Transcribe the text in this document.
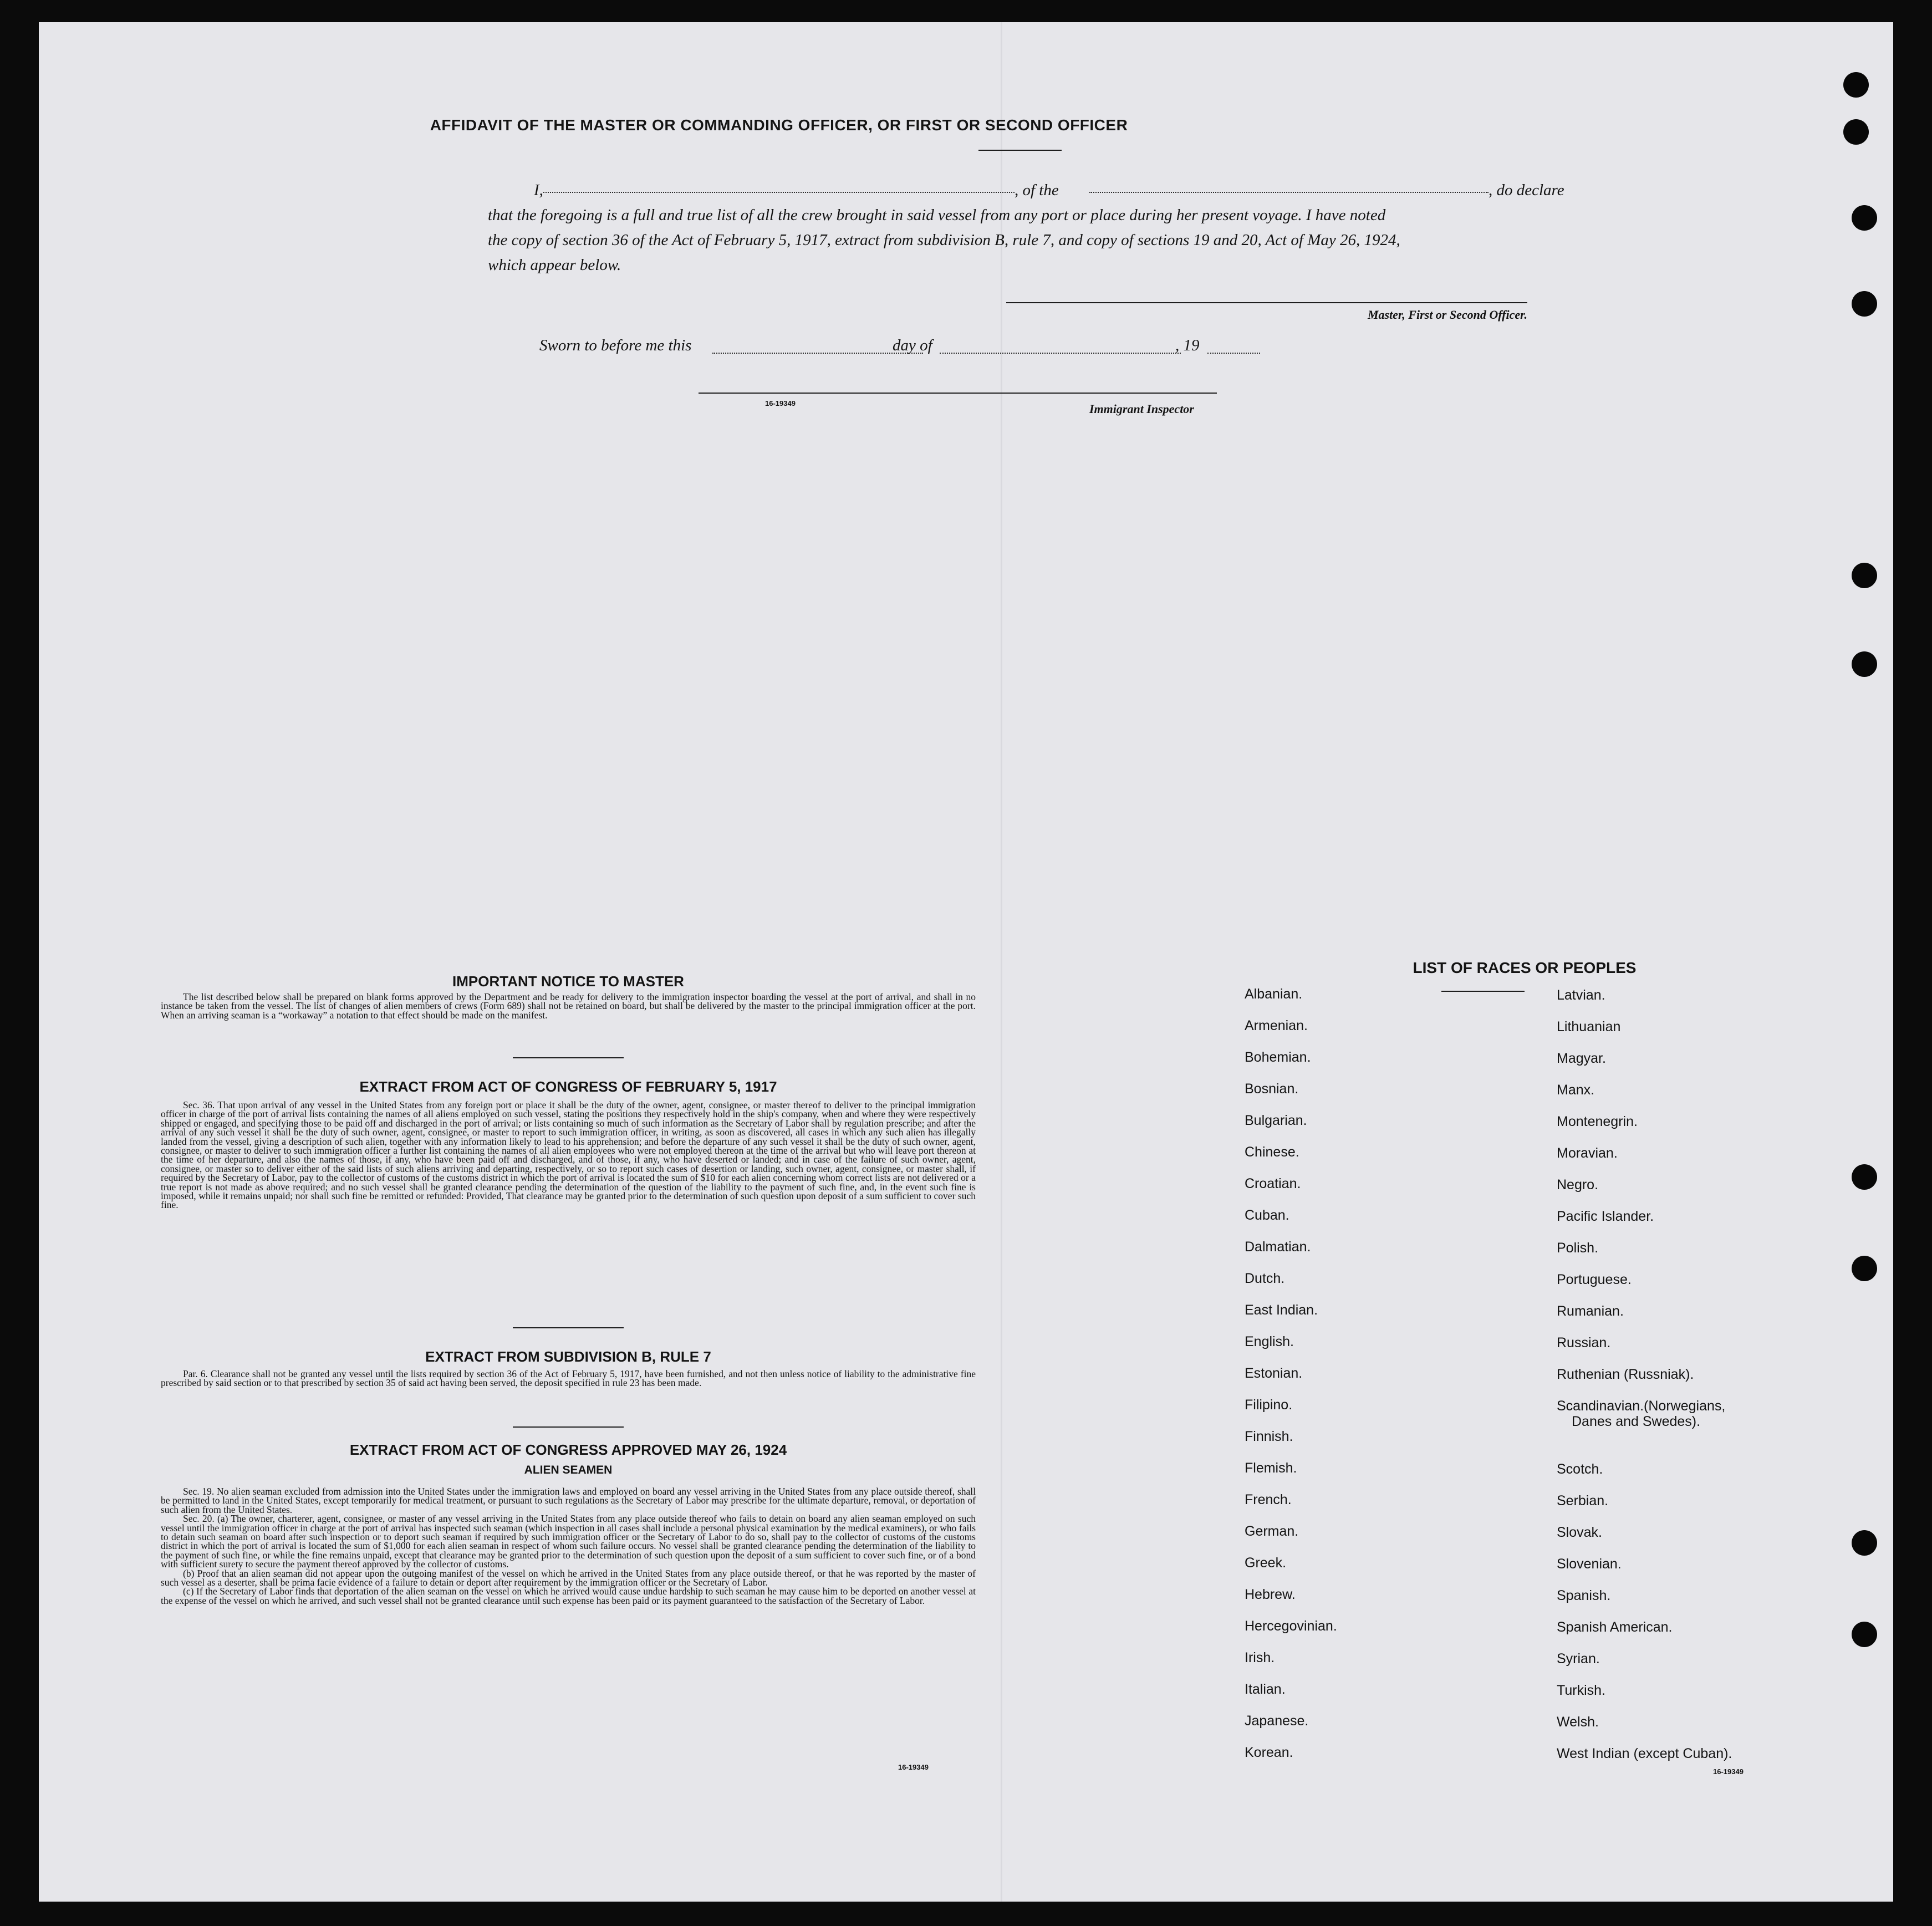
AFFIDAVIT OF THE MASTER OR COMMANDING OFFICER, OR FIRST OR SECOND OFFICER
I,	, of the	, do declare
that the foregoing is a full and true list of all the crew brought in said vessel from any port or place during her present voyage. I have noted
the copy of section 36 of the Act of February 5, 1917, extract from subdivision B, rule 7, and copy of sections 19 and 20, Act of May 26, 1924,
which appear below.
Master, First or Second Officer.
Sworn to before me this	day of	, 19
16-19349	Immigrant Inspector
IMPORTANT NOTICE TO MASTER
The list described below shall be prepared on blank forms approved by the Department and be ready for delivery to the immigration inspector boarding the vessel at the port of arrival, and shall in no instance be taken from the vessel. The list of changes of alien members of crews (Form 689) shall not be retained on board, but shall be delivered by the master to the principal immigration officer at the port. When an arriving seaman is a “workaway” a notation to that effect should be made on the manifest.
EXTRACT FROM ACT OF CONGRESS OF FEBRUARY 5, 1917
Sec. 36. That upon arrival of any vessel in the United States from any foreign port or place it shall be the duty of the owner, agent, consignee, or master thereof to deliver to the principal immigration officer in charge of the port of arrival lists containing the names of all aliens employed on such vessel, stating the positions they respectively hold in the ship's company, when and where they were respectively shipped or engaged, and specifying those to be paid off and discharged in the port of arrival; or lists containing so much of such information as the Secretary of Labor shall by regulation prescribe; and after the arrival of any such vessel it shall be the duty of such owner, agent, consignee, or master to report to such immigration officer, in writing, as soon as discovered, all cases in which any such alien has illegally landed from the vessel, giving a description of such alien, together with any information likely to lead to his apprehension; and before the departure of any such vessel it shall be the duty of such owner, agent, consignee, or master to deliver to such immigration officer a further list containing the names of all alien employees who were not employed thereon at the time of the arrival but who will leave port thereon at the time of her departure, and also the names of those, if any, who have been paid off and discharged, and of those, if any, who have deserted or landed; and in case of the failure of such owner, agent, consignee, or master so to deliver either of the said lists of such aliens arriving and departing, respectively, or so to report such cases of desertion or landing, such owner, agent, consignee, or master shall, if required by the Secretary of Labor, pay to the collector of customs of the customs district in which the port of arrival is located the sum of $10 for each alien concerning whom correct lists are not delivered or a true report is not made as above required; and no such vessel shall be granted clearance pending the determination of the question of the liability to the payment of such fine, and, in the event such fine is imposed, while it remains unpaid; nor shall such fine be remitted or refunded: Provided, That clearance may be granted prior to the determination of such question upon deposit of a sum sufficient to cover such fine.
EXTRACT FROM SUBDIVISION B, RULE 7
Par. 6. Clearance shall not be granted any vessel until the lists required by section 36 of the Act of February 5, 1917, have been furnished, and not then unless notice of liability to the administrative fine prescribed by said section or to that prescribed by section 35 of said act having been served, the deposit specified in rule 23 has been made.
EXTRACT FROM ACT OF CONGRESS APPROVED MAY 26, 1924
ALIEN SEAMEN

Sec. 19. No alien seaman excluded from admission into the United States under the immigration laws and employed on board any vessel arriving in the United States from any place outside thereof, shall be permitted to land in the United States, except temporarily for medical treatment, or pursuant to such regulations as the Secretary of Labor may prescribe for the ultimate departure, removal, or deportation of such alien from the United States.

Sec. 20. (a) The owner, charterer, agent, consignee, or master of any vessel arriving in the United States from any place outside thereof who fails to detain on board any alien seaman employed on such vessel until the immigration officer in charge at the port of arrival has inspected such seaman (which inspection in all cases shall include a personal physical examination by the medical examiners), or who fails to detain such seaman on board after such inspection or to deport such seaman if required by such immigration officer or the Secretary of Labor to do so, shall pay to the collector of customs of the customs district in which the port of arrival is located the sum of $1,000 for each alien seaman in respect of whom such failure occurs. No vessel shall be granted clearance pending the determination of the liability to the payment of such fine, or while the fine remains unpaid, except that clearance may be granted prior to the determination of such question upon the deposit of a sum sufficient to cover such fine, or of a bond with sufficient surety to secure the payment thereof approved by the collector of customs.

(b) Proof that an alien seaman did not appear upon the outgoing manifest of the vessel on which he arrived in the United States from any place outside thereof, or that he was reported by the master of such vessel as a deserter, shall be prima facie evidence of a failure to detain or deport after requirement by the immigration officer or the Secretary of Labor.

(c) If the Secretary of Labor finds that deportation of the alien seaman on the vessel on which he arrived would cause undue hardship to such seaman he may cause him to be deported on another vessel at the expense of the vessel on which he arrived, and such vessel shall not be granted clearance until such expense has been paid or its payment guaranteed to the satisfaction of the Secretary of Labor.

16-19349
LIST OF RACES OR PEOPLES
Albanian.
Armenian.
Bohemian.
Bosnian.
Bulgarian.
Chinese.
Croatian.
Cuban.
Dalmatian.
Dutch.
East Indian.
English.
Estonian.
Filipino.
Finnish.
Flemish.
French.
German.
Greek.
Hebrew.
Hercegovinian.
Irish.
Italian.
Japanese.
Korean.
Latvian.
Lithuanian
Magyar.
Manx.
Montenegrin.
Moravian.
Negro.
Pacific Islander.
Polish.
Portuguese.
Rumanian.
Russian.
Ruthenian (Russniak).
Scandinavian.(Norwegians,
Danes and Swedes).
Scotch.
Serbian.
Slovak.
Slovenian.
Spanish.
Spanish American.
Syrian.
Turkish.
Welsh.
West Indian (except Cuban).
16-19349
